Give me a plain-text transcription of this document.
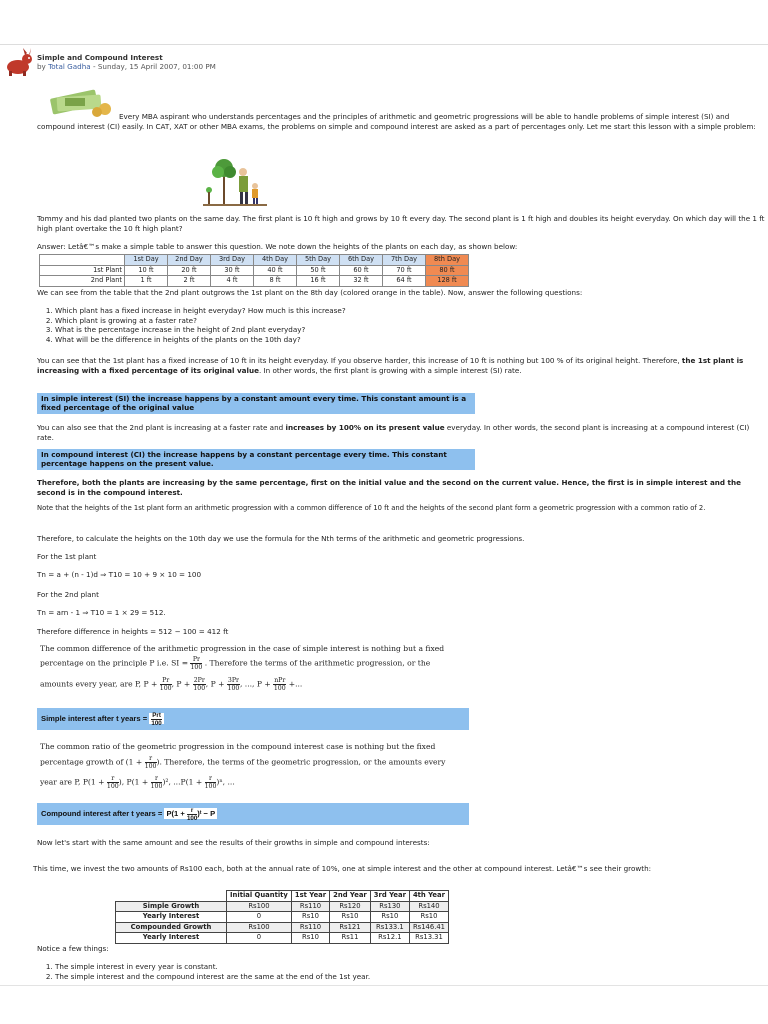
Simple and Compound Interest
by Total Gadha - Sunday, 15 April 2007, 01:00 PM

Every MBA aspirant who understands percentages and the principles of arithmetic and geometric progressions will be able to handle problems of simple interest (SI) and compound interest (CI) easily. In CAT, XAT or other MBA exams, the problems on simple and compound interest are asked as a part of percentages only. Let me start this lesson with a simple problem:

Tommy and his dad planted two plants on the same day. The first plant is 10 ft high and grows by 10 ft every day. The second plant is 1 ft high and doubles its height everyday. On which day will the 1 ft high plant overtake the 10 ft high plant?

Answer: Letâ€™s make a simple table to answer this question. We note down the heights of the plants on each day, as shown below:

	1st Day	2nd Day	3rd Day	4th Day	5th Day	6th Day	7th Day	8th Day
1st Plant	10 ft	20 ft	30 ft	40 ft	50 ft	60 ft	70 ft	80 ft
2nd Plant	1 ft	2 ft	4 ft	8 ft	16 ft	32 ft	64 ft	128 ft

We can see from the table that the 2nd plant outgrows the 1st plant on the 8th day (colored orange in the table). Now, answer the following questions:

1. Which plant has a fixed increase in height everyday? How much is this increase?
2. Which plant is growing at a faster rate?
3. What is the percentage increase in the height of 2nd plant everyday?
4. What will be the difference in heights of the plants on the 10th day?

You can see that the 1st plant has a fixed increase of 10 ft in its height everyday. If you observe harder, this increase of 10 ft is nothing but 100 % of its original height. Therefore, the 1st plant is increasing with a fixed percentage of its original value. In other words, the first plant is growing with a simple interest (SI) rate.

In simple interest (SI) the increase happens by a constant amount every time. This constant amount is a fixed percentage of the original value

You can also see that the 2nd plant is increasing at a faster rate and increases by 100% on its present value everyday. In other words, the second plant is increasing at a compound interest (CI) rate.

In compound interest (CI) the increase happens by a constant percentage every time. This constant percentage happens on the present value.

Therefore, both the plants are increasing by the same percentage, first on the initial value and the second on the current value. Hence, the first is in simple interest and the second is in the compound interest.

Note that the heights of the 1st plant form an arithmetic progression with a common difference of 10 ft and the heights of the second plant form a geometric progression with a common ratio of 2.

Therefore, to calculate the heights on the 10th day we use the formula for the Nth terms of the arithmetic and geometric progressions.

For the 1st plant

Tn = a + (n - 1)d ⇒ T10 = 10 + 9 × 10 = 100

For the 2nd plant

Tn = arn - 1 ⇒ T10 = 1 × 29 = 512.

Therefore difference in heights = 512 − 100 = 412 ft

The common difference of the arithmetic progression in the case of simple interest is nothing but a fixed
percentage on the principle P i.e. SI = $\frac{Pr}{100}$ . Therefore the terms of the arithmetic progression, or the
amounts every year, are P, $P + \frac{Pr}{100}$ , $P + \frac{2Pr}{100}$ , $P + \frac{3Pr}{100}$ , ..., $P + \frac{\text{nPr}}{100}$ +...
Simple interest after t years = $\frac{\text{Prt}}{100}$
The common ratio of the geometric progression in the compound interest case is nothing but the fixed
percentage growth of ($1 + \frac{r}{100}$ ). Therefore, the terms of the geometric progression, or the amounts every
year are P, $P(1 + \frac{r}{100}$ ), $P(1 + \frac{r}{100} )^2$, $...P(1 + \frac{r}{100} )^n$, ...
Compound interest after t years = $P(1 + \frac{r}{100}$ )ᵗ − P

Now let's start with the same amount and see the results of their growths in simple and compound interests:

This time, we invest the two amounts of Rs100 each, both at the annual rate of 10%, one at simple interest and the other at compound interest. Letâ€™s see their growth:

	Initial Quantity	1st Year	2nd Year	3rd Year	4th Year
Simple Growth	Rs100	Rs110	Rs120	Rs130	Rs140
Yearly Interest	0	Rs10	Rs10	Rs10	Rs10
Compounded Growth	Rs100	Rs110	Rs121	Rs133.1	Rs146.41
Yearly Interest	0	Rs10	Rs11	Rs12.1	Rs13.31

Notice a few things:

1. The simple interest in every year is constant.
2. The simple interest and the compound interest are the same at the end of the 1st year.
